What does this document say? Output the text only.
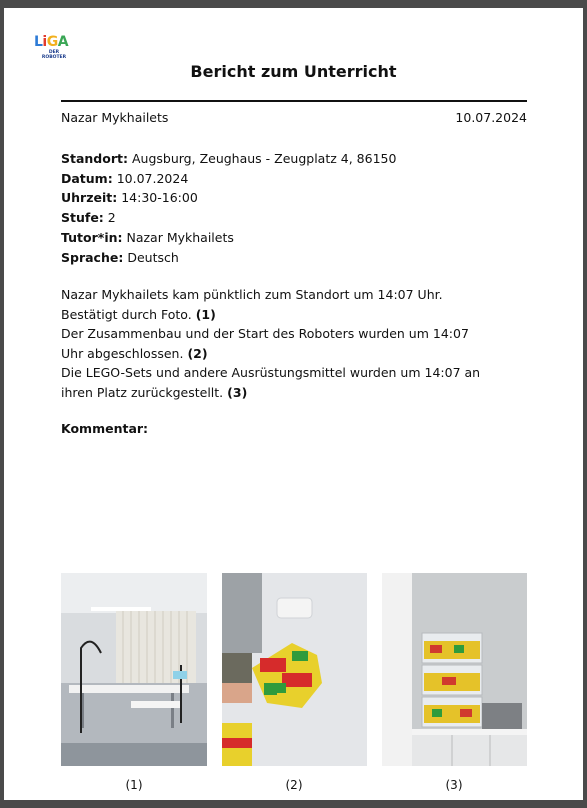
LiGA
DER
ROBOTER
Bericht zum Unterricht
Nazar Mykhailets	10.07.2024
Standort: Augsburg, Zeughaus - Zeugplatz 4, 86150
Datum: 10.07.2024
Uhrzeit: 14:30-16:00
Stufe: 2
Tutor*in: Nazar Mykhailets
Sprache: Deutsch
Nazar Mykhailets kam pünktlich zum Standort um 14:07 Uhr.
Bestätigt durch Foto. (1)
Der Zusammenbau und der Start des Roboters wurden um 14:07
Uhr abgeschlossen. (2)
Die LEGO-Sets und andere Ausrüstungsmittel wurden um 14:07 an
ihren Platz zurückgestellt. (3)
Kommentar:
(1)	(2)	(3)
